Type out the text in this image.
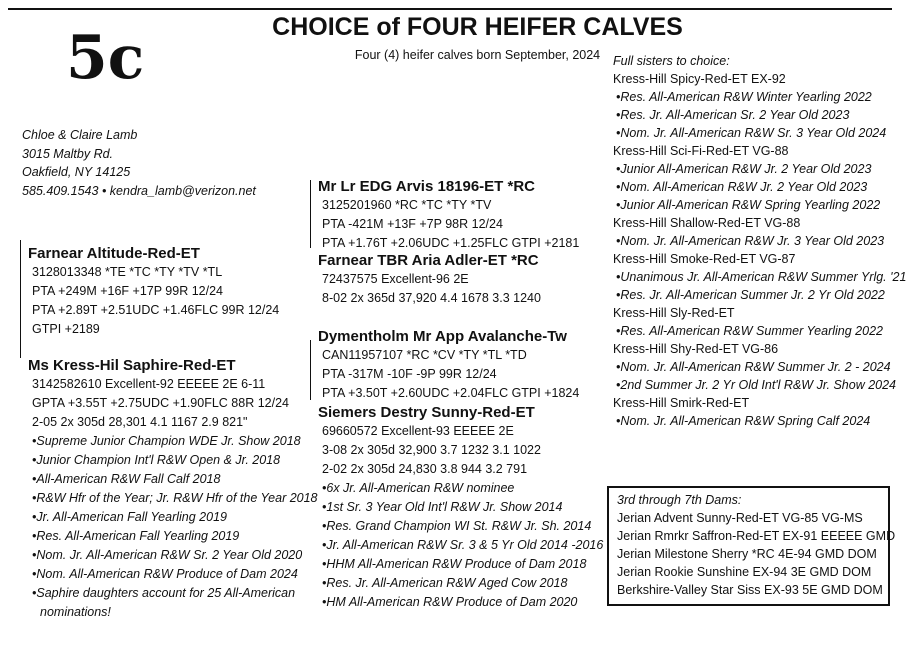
5c	CHOICE of FOUR HEIFER CALVES
Four (4) heifer calves born September, 2024
Chloe & Claire Lamb
3015 Maltby Rd.
Oakfield, NY 14125
585.409.1543 • kendra_lamb@verizon.net
Farnear Altitude-Red-ET
3128013348 *TE *TC *TY *TV *TL
PTA +249M +16F +17P 99R 12/24
PTA +2.89T +2.51UDC +1.46FLC 99R 12/24
GTPI +2189
Ms Kress-Hil Saphire-Red-ET
3142582610 Excellent-92 EEEEE 2E 6-11
GPTA +3.55T +2.75UDC +1.90FLC 88R 12/24
2-05 2x 305d 28,301 4.1 1167 2.9 821"
•Supreme Junior Champion WDE Jr. Show 2018
•Junior Champion Int'l R&W Open & Jr. 2018
•All-American R&W Fall Calf 2018
•R&W Hfr of the Year; Jr. R&W Hfr of the Year 2018
•Jr. All-American Fall Yearling 2019
•Res. All-American Fall Yearling 2019
•Nom. Jr. All-American R&W Sr. 2 Year Old 2020
•Nom. All-American R&W Produce of Dam 2024
•Saphire daughters account for 25 All-American
nominations!
Mr Lr EDG Arvis 18196-ET *RC
3125201960 *RC *TC *TY *TV
PTA -421M +13F +7P 98R 12/24
PTA +1.76T +2.06UDC +1.25FLC GTPI +2181
Farnear TBR Aria Adler-ET *RC
72437575 Excellent-96 2E
8-02 2x 365d 37,920 4.4 1678 3.3 1240
Dymentholm Mr App Avalanche-Tw
CAN11957107 *RC *CV *TY *TL *TD
PTA -317M -10F -9P 99R 12/24
PTA +3.50T +2.60UDC +2.04FLC GTPI +1824
Siemers Destry Sunny-Red-ET
69660572 Excellent-93 EEEEE 2E
3-08 2x 305d 32,900 3.7 1232 3.1 1022
2-02 2x 305d 24,830 3.8 944 3.2 791
•6x Jr. All-American R&W nominee
•1st Sr. 3 Year Old Int'l R&W Jr. Show 2014
•Res. Grand Champion WI St. R&W Jr. Sh. 2014
•Jr. All-American R&W Sr. 3 & 5 Yr Old 2014 -2016
•HHM All-American R&W Produce of Dam 2018
•Res. Jr. All-American R&W Aged Cow 2018
•HM All-American R&W Produce of Dam 2020
Full sisters to choice:
Kress-Hill Spicy-Red-ET EX-92
•Res. All-American R&W Winter Yearling 2022
•Res. Jr. All-American Sr. 2 Year Old 2023
•Nom. Jr. All-American R&W Sr. 3 Year Old 2024
Kress-Hill Sci-Fi-Red-ET VG-88
•Junior All-American R&W Jr. 2 Year Old 2023
•Nom. All-American R&W Jr. 2 Year Old 2023
•Junior All-American R&W Spring Yearling 2022
Kress-Hill Shallow-Red-ET VG-88
•Nom. Jr. All-American R&W Jr. 3 Year Old 2023
Kress-Hill Smoke-Red-ET VG-87
•Unanimous Jr. All-American R&W Summer Yrlg. '21
•Res. Jr. All-American Summer Jr. 2 Yr Old 2022
Kress-Hill Sly-Red-ET
•Res. All-American R&W Summer Yearling 2022
Kress-Hill Shy-Red-ET VG-86
•Nom. Jr. All-American R&W Summer Jr. 2 - 2024
•2nd Summer Jr. 2 Yr Old Int'l R&W Jr. Show 2024
Kress-Hill Smirk-Red-ET
•Nom. Jr. All-American R&W Spring Calf 2024
3rd through 7th Dams:
Jerian Advent Sunny-Red-ET VG-85 VG-MS
Jerian Rmrkr Saffron-Red-ET EX-91 EEEEE GMD
Jerian Milestone Sherry *RC 4E-94 GMD DOM
Jerian Rookie Sunshine EX-94 3E GMD DOM
Berkshire-Valley Star Siss EX-93 5E GMD DOM
